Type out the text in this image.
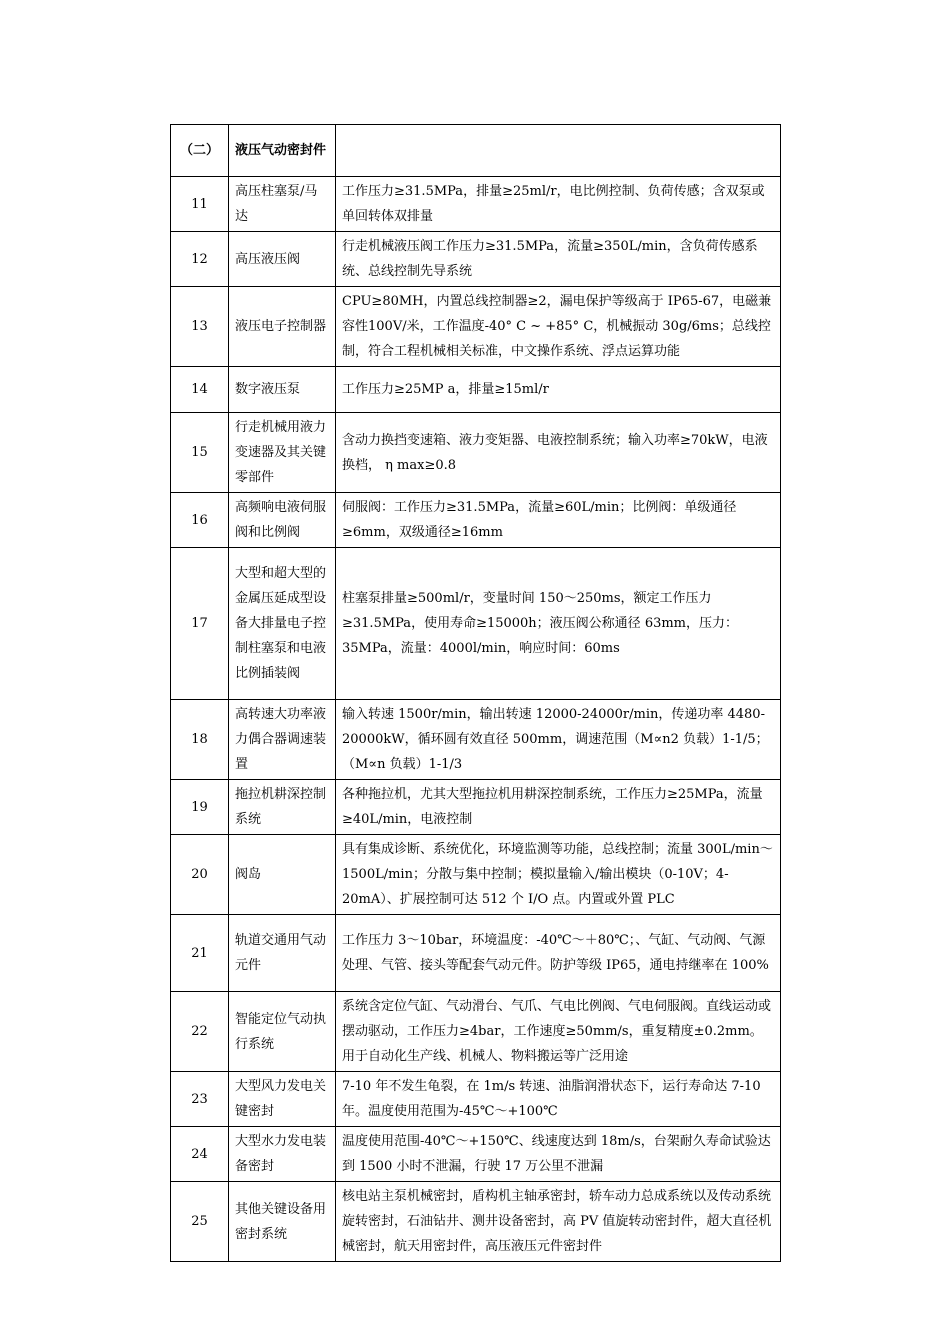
（二）	液压气动密封件	
11	高压柱塞泵/马达	工作压力≥31.5MPa，排量≥25ml/r，电比例控制、负荷传感；含双泵或单回转体双排量
12	高压液压阀	行走机械液压阀工作压力≥31.5MPa，流量≥350L/min，含负荷传感系统、总线控制先导系统
13	液压电子控制器	CPU≥80MH，内置总线控制器≥2，漏电保护等级高于 IP65-67，电磁兼容性100V/米，工作温度-40° C ~ +85° C，机械振动 30g/6ms；总线控制，符合工程机械相关标准，中文操作系统、浮点运算功能
14	数字液压泵	工作压力≥25MP a，排量≥15ml/r
15	行走机械用液力变速器及其关键零部件	含动力换挡变速箱、液力变矩器、电液控制系统；输入功率≥70kW，电液换档， η max≥0.8
16	高频响电液伺服阀和比例阀	伺服阀：工作压力≥31.5MPa，流量≥60L/min；比例阀：单级通径≥6mm，双级通径≥16mm
17	大型和超大型的金属压延成型设备大排量电子控制柱塞泵和电液比例插装阀	柱塞泵排量≥500ml/r，变量时间 150～250ms，额定工作压力≥31.5MPa，使用寿命≥15000h；液压阀公称通径 63mm，压力：35MPa，流量：4000l/min，响应时间：60ms
18	高转速大功率液力偶合器调速装置	输入转速 1500r/min，输出转速 12000-24000r/min，传递功率 4480-20000kW，循环圆有效直径 500mm，调速范围（M∝n2 负载）1-1/5；（M∝n 负载）1-1/3
19	拖拉机耕深控制系统	各种拖拉机，尤其大型拖拉机用耕深控制系统，工作压力≥25MPa，流量≥40L/min，电液控制
20	阀岛	具有集成诊断、系统优化，环境监测等功能，总线控制；流量 300L/min～1500L/min；分散与集中控制；模拟量输入/输出模块（0-10V；4-20mA）、扩展控制可达 512 个 I/O 点。内置或外置 PLC
21	轨道交通用气动元件	工作压力 3～10bar，环境温度：-40℃～＋80℃；、气缸、气动阀、气源处理、气管、接头等配套气动元件。防护等级 IP65，通电持继率在 100%
22	智能定位气动执行系统	系统含定位气缸、气动滑台、气爪、气电比例阀、气电伺服阀。直线运动或摆动驱动，工作压力≥4bar，工作速度≥50mm/s，重复精度±0.2mm。用于自动化生产线、机械人、物料搬运等广泛用途
23	大型风力发电关键密封	7-10 年不发生龟裂，在 1m/s 转速、油脂润滑状态下，运行寿命达 7-10 年。温度使用范围为-45℃～+100℃
24	大型水力发电装备密封	温度使用范围-40℃～+150℃、线速度达到 18m/s，台架耐久寿命试验达到 1500 小时不泄漏，行驶 17 万公里不泄漏
25	其他关键设备用密封系统	核电站主泵机械密封，盾构机主轴承密封，轿车动力总成系统以及传动系统旋转密封，石油钻井、测井设备密封，高 PV 值旋转动密封件，超大直径机械密封，航天用密封件，高压液压元件密封件
